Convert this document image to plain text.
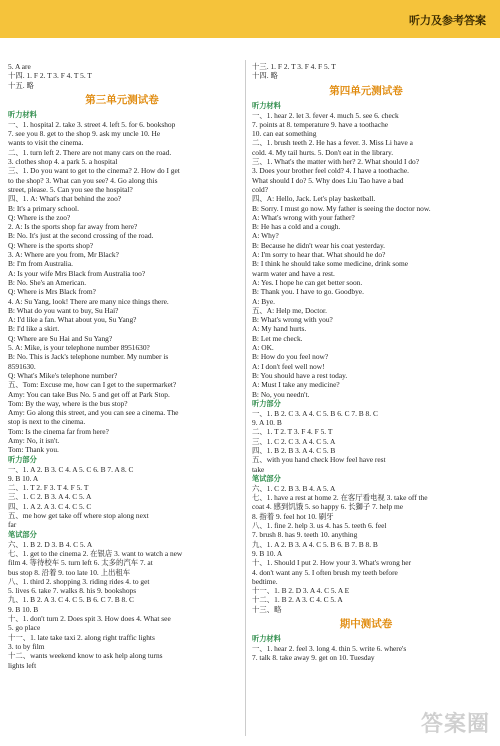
听力及参考答案
5. A are
十四. 1. F 2. T 3. F 4. T 5. T
十五. 略
第三单元测试卷
听力材料
一、1. hospital 2. take 3. street 4. left 5. for 6. bookshop
7. see you 8. get to the shop 9. ask my uncle 10. He
wants to visit the cinema.
二、1. turn left 2. There are not many cars on the road.
3. clothes shop 4. a park 5. a hospital
三、1. Do you want to get to the cinema? 2. How do I get
to the shop? 3. What can you see? 4. Go along this
street, please. 5. Can you see the hospital?
四、1. A: What's that behind the zoo?
B: It's a primary school.
Q: Where is the zoo?
2. A: Is the sports shop far away from here?
B: No. It's just at the second crossing of the road.
Q: Where is the sports shop?
3. A: Where are you from, Mr Black?
B: I'm from Australia.
A: Is your wife Mrs Black from Australia too?
B: No. She's an American.
Q: Where is Mrs Black from?
4. A: Su Yang, look! There are many nice things there.
B: What do you want to buy, Su Hai?
A: I'd like a fan. What about you, Su Yang?
B: I'd like a skirt.
Q: Where are Su Hai and Su Yang?
5. A: Mike, is your telephone number 8951630?
B: No. This is Jack's telephone number. My number is
8591630.
Q: What's Mike's telephone number?
五、Tom: Excuse me, how can I get to the supermarket?
Amy: You can take Bus No. 5 and get off at Park Stop.
Tom: By the way, where is the bus stop?
Amy: Go along this street, and you can see a cinema. The
stop is next to the cinema.
Tom: Is the cinema far from here?
Amy: No, it isn't.
Tom: Thank you.
听力部分
一、1. A 2. B 3. C 4. A 5. C 6. B 7. A 8. C
9. B 10. A
二、1. T 2. F 3. T 4. F 5. T
三、1. C 2. B 3. A 4. C 5. A
四、1. A 2. A 3. C 4. C 5. C
五、me how get take off where stop along next
far
笔试部分
六、1. B 2. D 3. B 4. C 5. A
七、1. get to the cinema 2. 在银店 3. want to watch a new
film 4. 等待校车 5. turn left 6. 太多的汽车 7. at
bus stop 8. 沿着 9. too late 10. 上出租车
八、1. third 2. shopping 3. riding rides 4. to get
5. lives 6. take 7. walks 8. his 9. bookshops
九、1. B 2. A 3. C 4. C 5. B 6. C 7. B 8. C
9. B 10. B
十、1. don't turn 2. Does spit 3. How does 4. What see
5. go place
十一、1. late take taxi 2. along right traffic lights
3. to by film
十二、wants weekend know to ask help along turns
lights left
十三. 1. F 2. T 3. F 4. F 5. T
十四. 略
第四单元测试卷
听力材料
一、1. hear 2. let 3. fever 4. much 5. see 6. check
7. points at 8. temperature 9. have a toothache
10. can eat something
二、1. brush teeth 2. He has a fever. 3. Miss Li have a
cold. 4. My tail hurts. 5. Don't eat in the library.
三、1. What's the matter with her? 2. What should I do?
3. Does your brother feel cold? 4. I have a toothache.
What should I do? 5. Why does Liu Tao have a bad
cold?
四、A: Hello, Jack. Let's play basketball.
B: Sorry. I must go now. My father is seeing the doctor now.
A: What's wrong with your father?
B: He has a cold and a cough.
A: Why?
B: Because he didn't wear his coat yesterday.
A: I'm sorry to hear that. What should he do?
B: I think he should take some medicine, drink some
warm water and have a rest.
A: Yes. I hope he can get better soon.
B: Thank you. I have to go. Goodbye.
A: Bye.
五、A: Help me, Doctor.
B: What's wrong with you?
A: My hand hurts.
B: Let me check.
A: OK.
B: How do you feel now?
A: I don't feel well now!
B: You should have a rest today.
A: Must I take any medicine?
B: No, you needn't.
听力部分
一、1. B 2. C 3. A 4. C 5. B 6. C 7. B 8. C
9. A 10. B
二、1. T 2. T 3. F 4. F 5. T
三、1. C 2. C 3. A 4. C 5. A
四、1. B 2. B 3. A 4. C 5. B
五、with you hand check How feel have rest
take
笔试部分
六、1. C 2. B 3. B 4. A 5. A
七、1. have a rest at home 2. 在客厅看电视 3. take off the
coat 4. 感到饥饿 5. so happy 6. 长獅子 7. help me
8. 指着 9. feel hot 10. 刷牙
八、1. fine 2. help 3. us 4. has 5. teeth 6. feel
7. brush 8. has 9. teeth 10. anything
九、1. A 2. B 3. A 4. C 5. B 6. B 7. B 8. B
9. B 10. A
十、1. Should I put 2. How your 3. What's wrong her
4. don't want any 5. I often brush my teeth before
bedtime.
十一、1. B 2. D 3. A 4. C 5. A E
十二、1. B 2. A 3. C 4. C 5. A
十三、略
期中测试卷
听力材料
一、1. hear 2. feel 3. long 4. thin 5. write 6. where's
7. talk 8. take away 9. get on 10. Tuesday
答案圈
